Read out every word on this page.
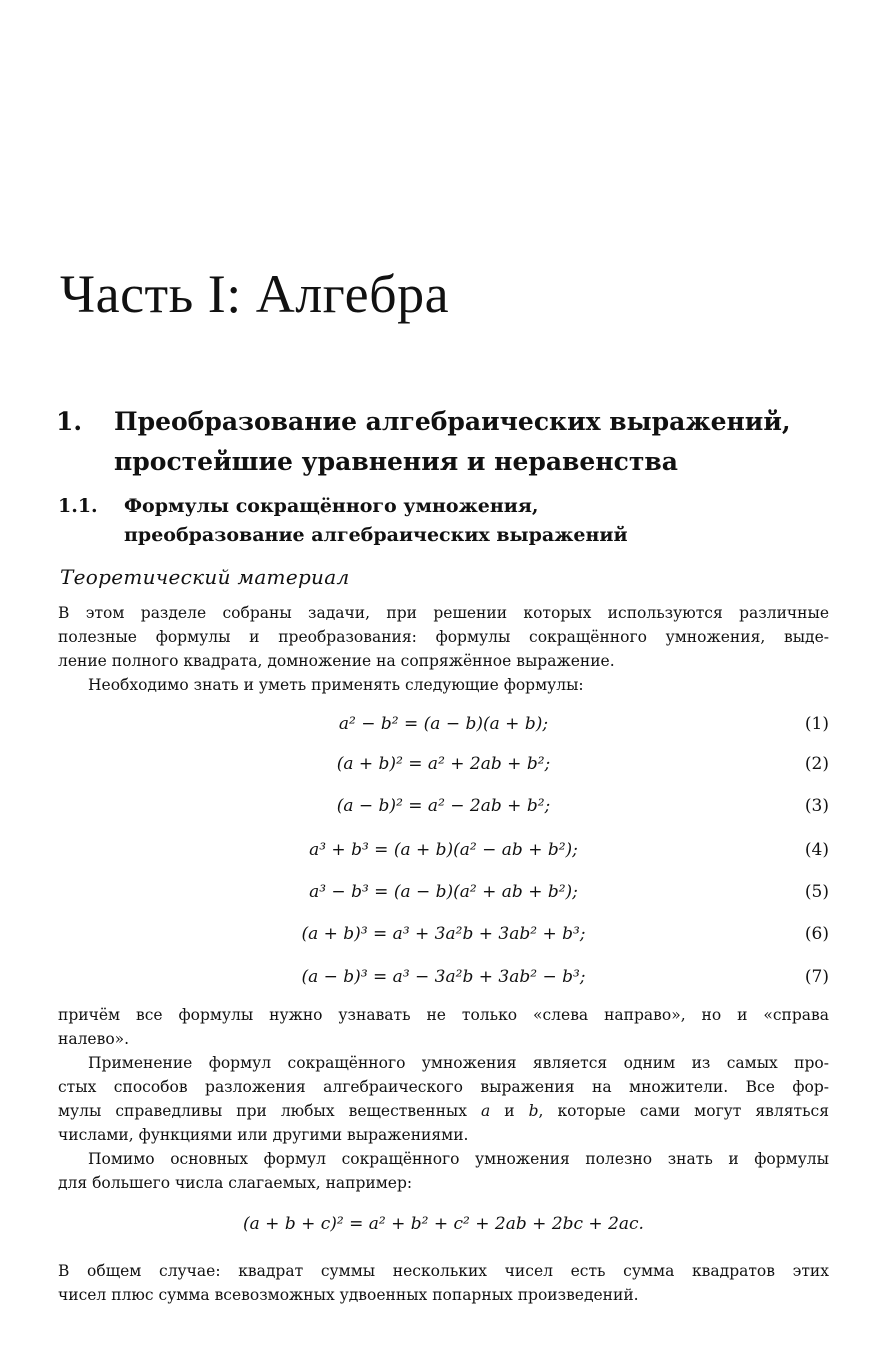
Часть I: Алгебра
1. Преобразование алгебраических выражений,
простейшие уравнения и неравенства
1.1. Формулы сокращённого умножения,
преобразование алгебраических выражений
Теоретический материал
В этом разделе собраны задачи, при решении которых используются различные
полезные формулы и преобразования: формулы сокращённого умножения, выде-
ление полного квадрата, домножение на сопряжённое выражение.
Необходимо знать и уметь применять следующие формулы:
a² − b² = (a − b)(a + b);	(1)
(a + b)² = a² + 2ab + b²;	(2)
(a − b)² = a² − 2ab + b²;	(3)
a³ + b³ = (a + b)(a² − ab + b²);	(4)
a³ − b³ = (a − b)(a² + ab + b²);	(5)
(a + b)³ = a³ + 3a²b + 3ab² + b³;	(6)
(a − b)³ = a³ − 3a²b + 3ab² − b³;	(7)
причём все формулы нужно узнавать не только «слева направо», но и «справа
налево».
Применение формул сокращённого умножения является одним из самых про-
стых способов разложения алгебраического выражения на множители. Все фор-
мулы справедливы при любых вещественных a и b, которые сами могут являться
числами, функциями или другими выражениями.
Помимо основных формул сокращённого умножения полезно знать и формулы
для большего числа слагаемых, например:
(a + b + c)² = a² + b² + c² + 2ab + 2bc + 2ac.
В общем случае: квадрат суммы нескольких чисел есть сумма квадратов этих
чисел плюс сумма всевозможных удвоенных попарных произведений.
